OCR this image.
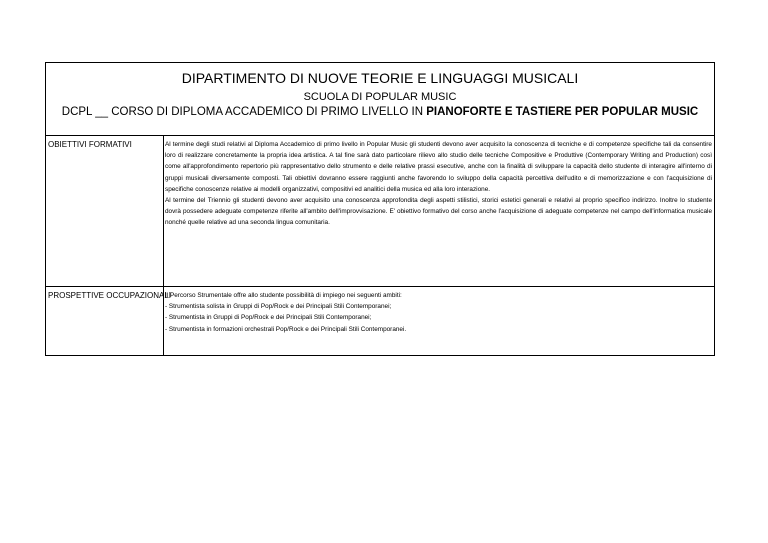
DIPARTIMENTO DI NUOVE TEORIE E LINGUAGGI MUSICALI
SCUOLA DI POPULAR MUSIC
DCPL __ CORSO DI DIPLOMA ACCADEMICO DI PRIMO LIVELLO IN PIANOFORTE E TASTIERE PER POPULAR MUSIC
OBIETTIVI FORMATIVI	Al termine degli studi relativi al Diploma Accademico di primo livello in Popular Music gli studenti devono aver acquisito la conoscenza di tecniche e di competenze specifiche tali da consentire loro di realizzare concretamente la propria idea artistica. A tal fine sarà dato particolare rilievo allo studio delle tecniche Compositive e Produttive (Contemporary Writing and Production) così come all'approfondimento repertorio più rappresentativo dello strumento e delle relative prassi esecutive, anche con la finalità di sviluppare la capacità dello studente di interagire all'interno di gruppi musicali diversamente composti. Tali obiettivi dovranno essere raggiunti anche favorendo lo sviluppo della capacità percettiva dell'udito e di memorizzazione e con l'acquisizione di specifiche conoscenze relative ai modelli organizzativi, compositivi ed analitici della musica ed alla loro interazione.

Al termine del Triennio gli studenti devono aver acquisito una conoscenza approfondita degli aspetti stilistici, storici estetici generali e relativi al proprio specifico indirizzo. Inoltre lo studente dovrà possedere adeguate competenze riferite all'ambito dell'improvvisazione. E' obiettivo formativo del corso anche l'acquisizione di adeguate competenze nel campo dell'informatica musicale nonché quelle relative ad una seconda lingua comunitaria.

PROSPETTIVE OCCUPAZIONALI
Il Percorso Strumentale offre allo studente possibilità di impiego nei seguenti ambiti:
- Strumentista solista in Gruppi di Pop/Rock e dei Principali Stili Contemporanei;
- Strumentista in Gruppi di Pop/Rock e dei Principali Stili Contemporanei;
- Strumentista in formazioni orchestrali Pop/Rock e dei Principali Stili Contemporanei.
